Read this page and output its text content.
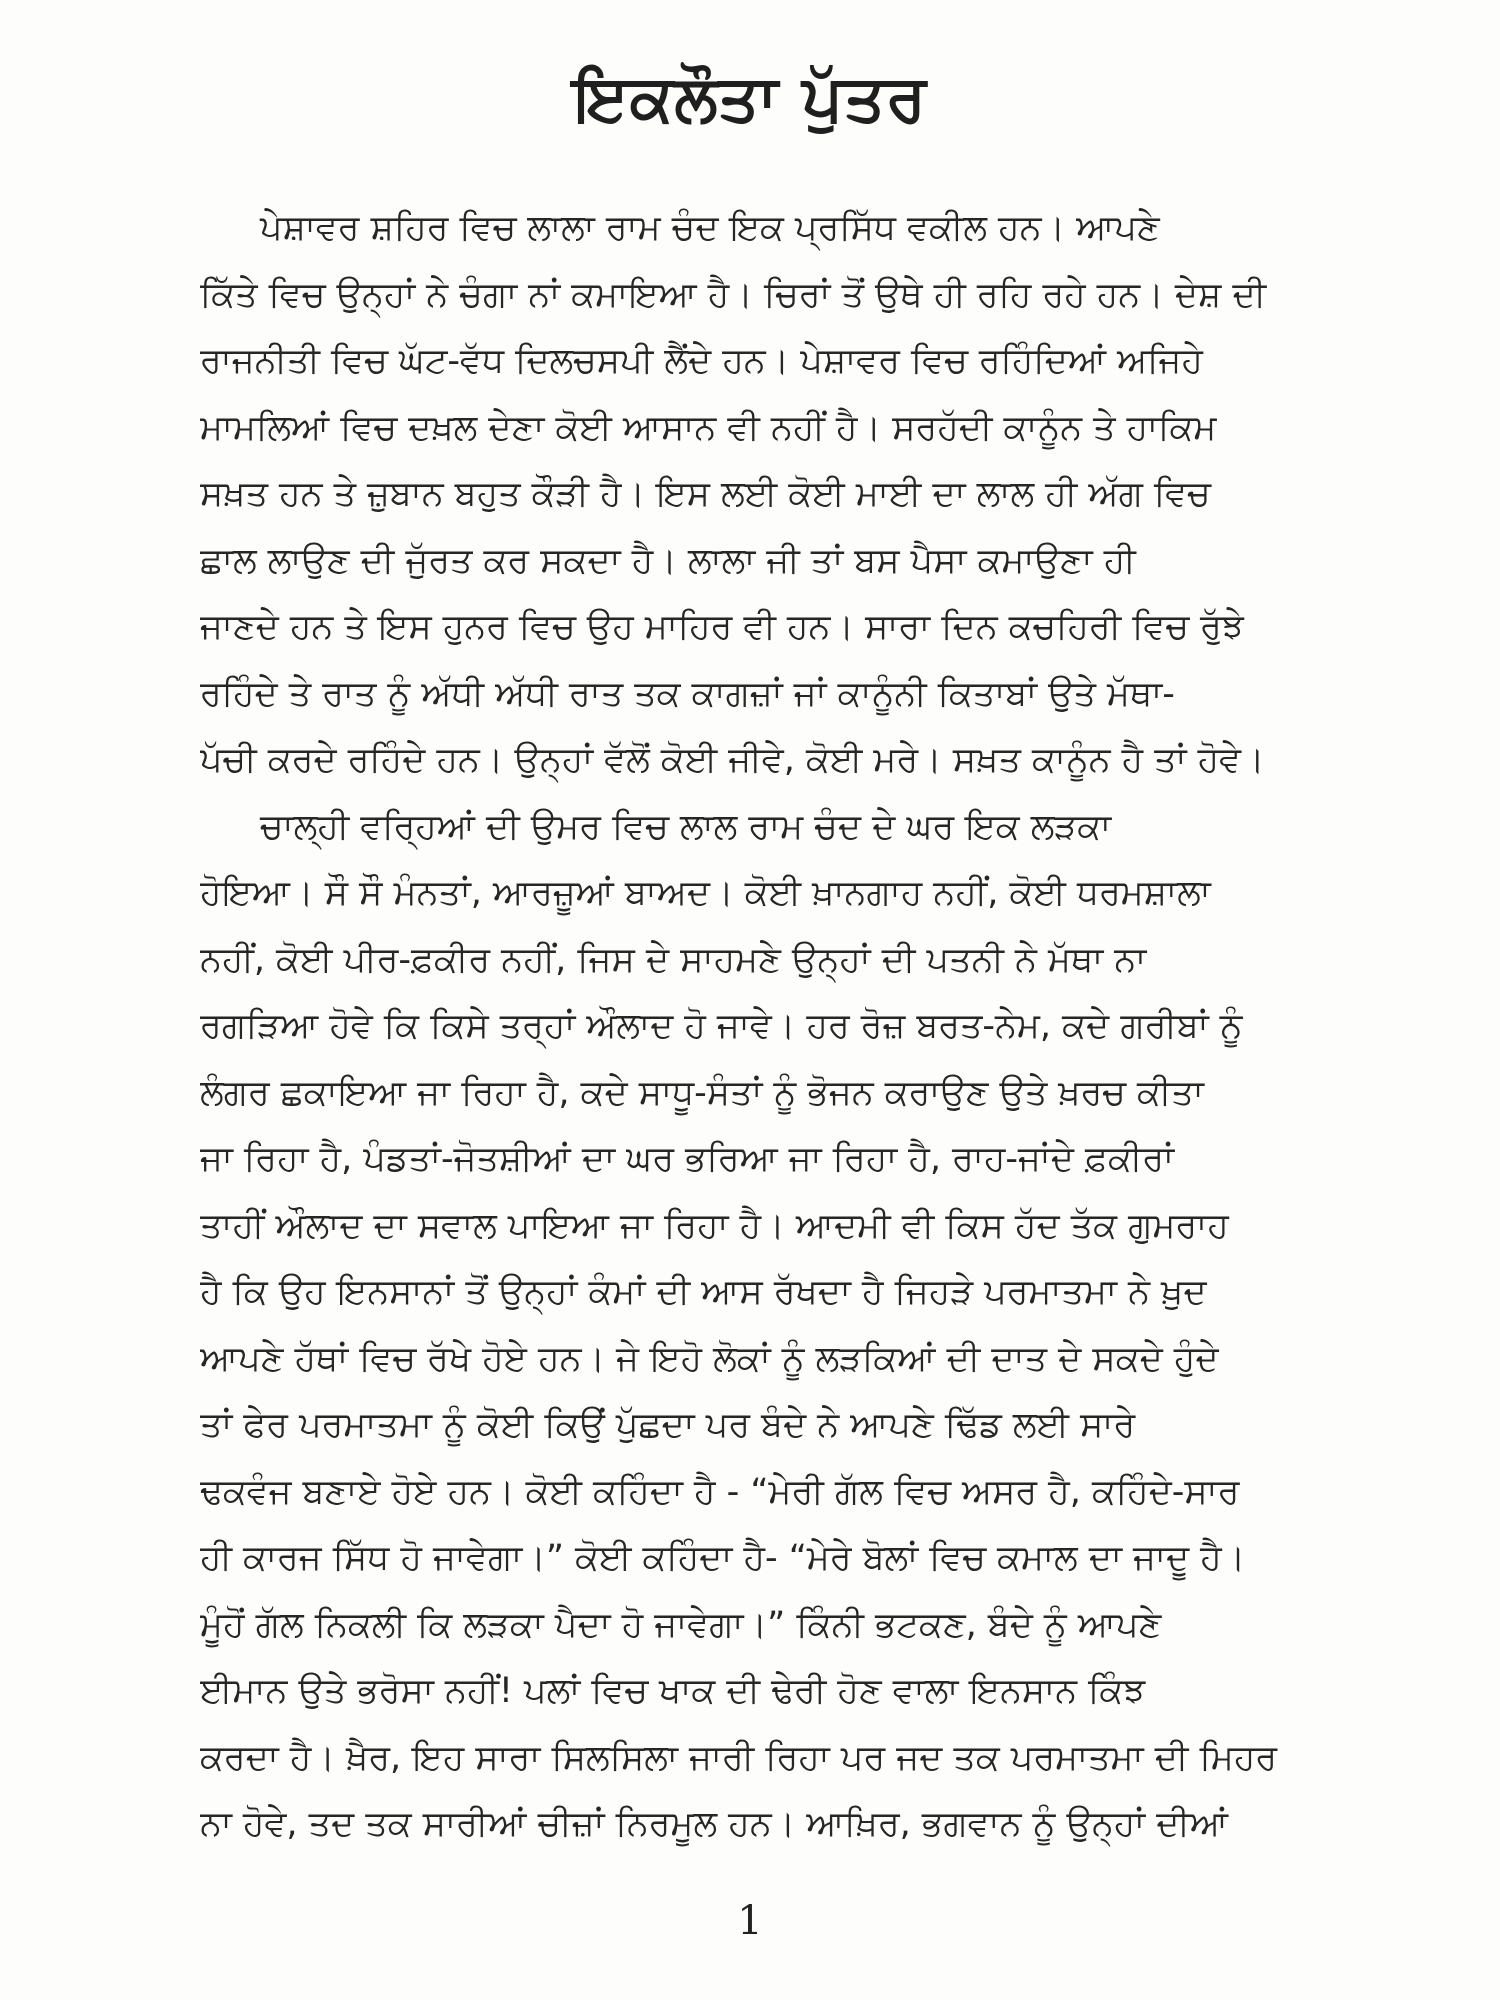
ਇਕਲੌਤਾ ਪੁੱਤਰ
ਪੇਸ਼ਾਵਰ ਸ਼ਹਿਰ ਵਿਚ ਲਾਲਾ ਰਾਮ ਚੰਦ ਇਕ ਪ੍ਰਸਿੱਧ ਵਕੀਲ ਹਨ। ਆਪਣੇ
ਕਿੱਤੇ ਵਿਚ ਉਨ੍ਹਾਂ ਨੇ ਚੰਗਾ ਨਾਂ ਕਮਾਇਆ ਹੈ। ਚਿਰਾਂ ਤੋਂ ਉਥੇ ਹੀ ਰਹਿ ਰਹੇ ਹਨ। ਦੇਸ਼ ਦੀ
ਰਾਜਨੀਤੀ ਵਿਚ ਘੱਟ-ਵੱਧ ਦਿਲਚਸਪੀ ਲੈਂਦੇ ਹਨ। ਪੇਸ਼ਾਵਰ ਵਿਚ ਰਹਿੰਦਿਆਂ ਅਜਿਹੇ
ਮਾਮਲਿਆਂ ਵਿਚ ਦਖ਼ਲ ਦੇਣਾ ਕੋਈ ਆਸਾਨ ਵੀ ਨਹੀਂ ਹੈ। ਸਰਹੱਦੀ ਕਾਨੂੰਨ ਤੇ ਹਾਕਿਮ
ਸਖ਼ਤ ਹਨ ਤੇ ਜ਼ੁਬਾਨ ਬਹੁਤ ਕੌੜੀ ਹੈ। ਇਸ ਲਈ ਕੋਈ ਮਾਈ ਦਾ ਲਾਲ ਹੀ ਅੱਗ ਵਿਚ
ਛਾਲ ਲਾਉਣ ਦੀ ਜੁੱਰਤ ਕਰ ਸਕਦਾ ਹੈ। ਲਾਲਾ ਜੀ ਤਾਂ ਬਸ ਪੈਸਾ ਕਮਾਉਣਾ ਹੀ
ਜਾਣਦੇ ਹਨ ਤੇ ਇਸ ਹੁਨਰ ਵਿਚ ਉਹ ਮਾਹਿਰ ਵੀ ਹਨ। ਸਾਰਾ ਦਿਨ ਕਚਹਿਰੀ ਵਿਚ ਰੁੱਝੇ
ਰਹਿੰਦੇ ਤੇ ਰਾਤ ਨੂੰ ਅੱਧੀ ਅੱਧੀ ਰਾਤ ਤਕ ਕਾਗਜ਼ਾਂ ਜਾਂ ਕਾਨੂੰਨੀ ਕਿਤਾਬਾਂ ਉਤੇ ਮੱਥਾ-
ਪੱਚੀ ਕਰਦੇ ਰਹਿੰਦੇ ਹਨ। ਉਨ੍ਹਾਂ ਵੱਲੋਂ ਕੋਈ ਜੀਵੇ, ਕੋਈ ਮਰੇ। ਸਖ਼ਤ ਕਾਨੂੰਨ ਹੈ ਤਾਂ ਹੋਵੇ।
ਚਾਲ੍ਹੀ ਵਰ੍ਹਿਆਂ ਦੀ ਉਮਰ ਵਿਚ ਲਾਲ ਰਾਮ ਚੰਦ ਦੇ ਘਰ ਇਕ ਲੜਕਾ
ਹੋਇਆ। ਸੌ ਸੌ ਮੰਨਤਾਂ, ਆਰਜ਼ੂਆਂ ਬਾਅਦ। ਕੋਈ ਖ਼ਾਨਗਾਹ ਨਹੀਂ, ਕੋਈ ਧਰਮਸ਼ਾਲਾ
ਨਹੀਂ, ਕੋਈ ਪੀਰ-ਫ਼ਕੀਰ ਨਹੀਂ, ਜਿਸ ਦੇ ਸਾਹਮਣੇ ਉਨ੍ਹਾਂ ਦੀ ਪਤਨੀ ਨੇ ਮੱਥਾ ਨਾ
ਰਗੜਿਆ ਹੋਵੇ ਕਿ ਕਿਸੇ ਤਰ੍ਹਾਂ ਔਲਾਦ ਹੋ ਜਾਵੇ। ਹਰ ਰੋਜ਼ ਬਰਤ-ਨੇਮ, ਕਦੇ ਗਰੀਬਾਂ ਨੂੰ
ਲੰਗਰ ਛਕਾਇਆ ਜਾ ਰਿਹਾ ਹੈ, ਕਦੇ ਸਾਧੂ-ਸੰਤਾਂ ਨੂੰ ਭੋਜਨ ਕਰਾਉਣ ਉਤੇ ਖ਼ਰਚ ਕੀਤਾ
ਜਾ ਰਿਹਾ ਹੈ, ਪੰਡਤਾਂ-ਜੋਤਸ਼ੀਆਂ ਦਾ ਘਰ ਭਰਿਆ ਜਾ ਰਿਹਾ ਹੈ, ਰਾਹ-ਜਾਂਦੇ ਫ਼ਕੀਰਾਂ
ਤਾਹੀਂ ਔਲਾਦ ਦਾ ਸਵਾਲ ਪਾਇਆ ਜਾ ਰਿਹਾ ਹੈ। ਆਦਮੀ ਵੀ ਕਿਸ ਹੱਦ ਤੱਕ ਗੁਮਰਾਹ
ਹੈ ਕਿ ਉਹ ਇਨਸਾਨਾਂ ਤੋਂ ਉਨ੍ਹਾਂ ਕੰਮਾਂ ਦੀ ਆਸ ਰੱਖਦਾ ਹੈ ਜਿਹੜੇ ਪਰਮਾਤਮਾ ਨੇ ਖ਼ੁਦ
ਆਪਣੇ ਹੱਥਾਂ ਵਿਚ ਰੱਖੇ ਹੋਏ ਹਨ। ਜੇ ਇਹੋ ਲੋਕਾਂ ਨੂੰ ਲੜਕਿਆਂ ਦੀ ਦਾਤ ਦੇ ਸਕਦੇ ਹੁੰਦੇ
ਤਾਂ ਫੇਰ ਪਰਮਾਤਮਾ ਨੂੰ ਕੋਈ ਕਿਉਂ ਪੁੱਛਦਾ ਪਰ ਬੰਦੇ ਨੇ ਆਪਣੇ ਢਿੱਡ ਲਈ ਸਾਰੇ
ਢਕਵੰਜ ਬਣਾਏ ਹੋਏ ਹਨ। ਕੋਈ ਕਹਿੰਦਾ ਹੈ - “ਮੇਰੀ ਗੱਲ ਵਿਚ ਅਸਰ ਹੈ, ਕਹਿੰਦੇ-ਸਾਰ
ਹੀ ਕਾਰਜ ਸਿੱਧ ਹੋ ਜਾਵੇਗਾ।” ਕੋਈ ਕਹਿੰਦਾ ਹੈ- “ਮੇਰੇ ਬੋਲਾਂ ਵਿਚ ਕਮਾਲ ਦਾ ਜਾਦੂ ਹੈ।
ਮੂੰਹੋਂ ਗੱਲ ਨਿਕਲੀ ਕਿ ਲੜਕਾ ਪੈਦਾ ਹੋ ਜਾਵੇਗਾ।” ਕਿੰਨੀ ਭਟਕਣ, ਬੰਦੇ ਨੂੰ ਆਪਣੇ
ਈਮਾਨ ਉਤੇ ਭਰੋਸਾ ਨਹੀਂ! ਪਲਾਂ ਵਿਚ ਖਾਕ ਦੀ ਢੇਰੀ ਹੋਣ ਵਾਲਾ ਇਨਸਾਨ ਕਿੰਝ
ਕਰਦਾ ਹੈ। ਖ਼ੈਰ, ਇਹ ਸਾਰਾ ਸਿਲਸਿਲਾ ਜਾਰੀ ਰਿਹਾ ਪਰ ਜਦ ਤਕ ਪਰਮਾਤਮਾ ਦੀ ਮਿਹਰ
ਨਾ ਹੋਵੇ, ਤਦ ਤਕ ਸਾਰੀਆਂ ਚੀਜ਼ਾਂ ਨਿਰਮੂਲ ਹਨ। ਆਖ਼ਿਰ, ਭਗਵਾਨ ਨੂੰ ਉਨ੍ਹਾਂ ਦੀਆਂ
1
